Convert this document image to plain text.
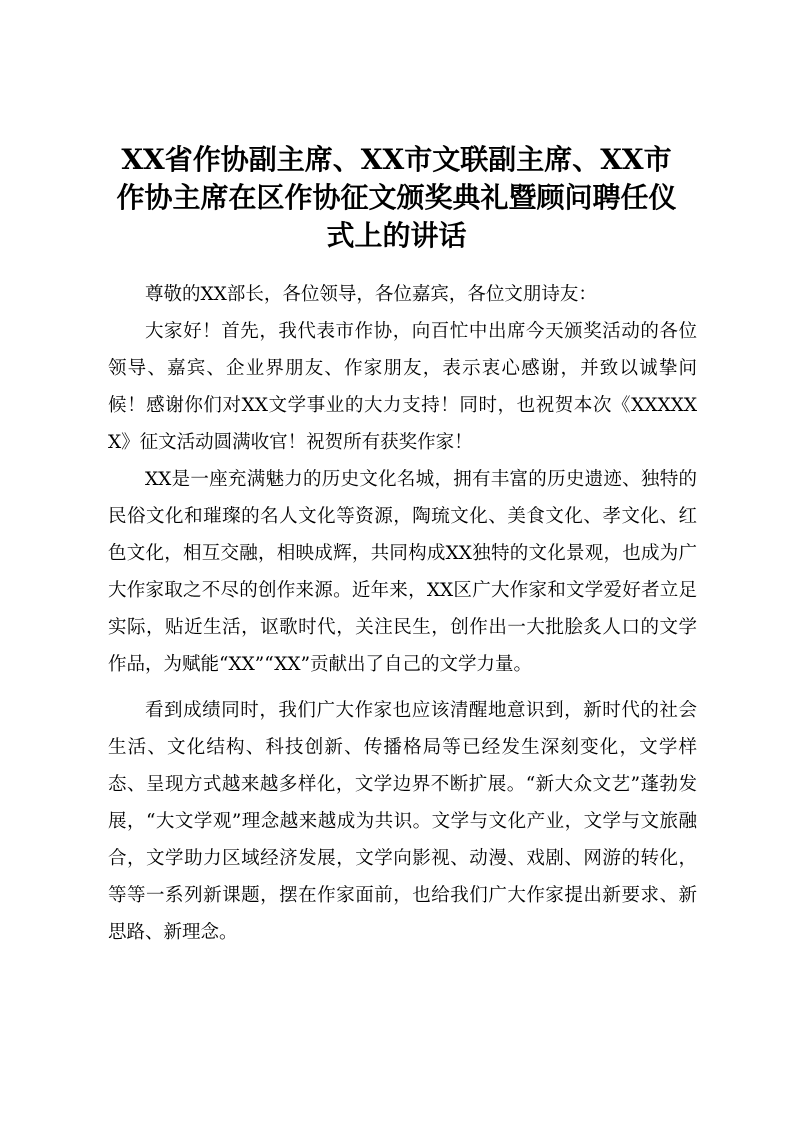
XX省作协副主席、XX市文联副主席、XX市
作协主席在区作协征文颁奖典礼暨顾问聘任仪
式上的讲话

尊敬的XX部长，各位领导，各位嘉宾，各位文朋诗友：

大家好！首先，我代表市作协，向百忙中出席今天颁奖活动的各位领导、嘉宾、企业界朋友、作家朋友，表示衷心感谢，并致以诚挚问候！感谢你们对XX文学事业的大力支持！同时，也祝贺本次《XXXXXX》征文活动圆满收官！祝贺所有获奖作家！

XX是一座充满魅力的历史文化名城，拥有丰富的历史遗迹、独特的民俗文化和璀璨的名人文化等资源，陶琉文化、美食文化、孝文化、红色文化，相互交融，相映成辉，共同构成XX独特的文化景观，也成为广大作家取之不尽的创作来源。近年来，XX区广大作家和文学爱好者立足实际，贴近生活，讴歌时代，关注民生，创作出一大批脍炙人口的文学作品，为赋能“XX”“XX”贡献出了自己的文学力量。

看到成绩同时，我们广大作家也应该清醒地意识到，新时代的社会生活、文化结构、科技创新、传播格局等已经发生深刻变化，文学样态、呈现方式越来越多样化，文学边界不断扩展。“新大众文艺”蓬勃发展，“大文学观”理念越来越成为共识。文学与文化产业，文学与文旅融合，文学助力区域经济发展，文学向影视、动漫、戏剧、网游的转化，等等一系列新课题，摆在作家面前，也给我们广大作家提出新要求、新思路、新理念。
